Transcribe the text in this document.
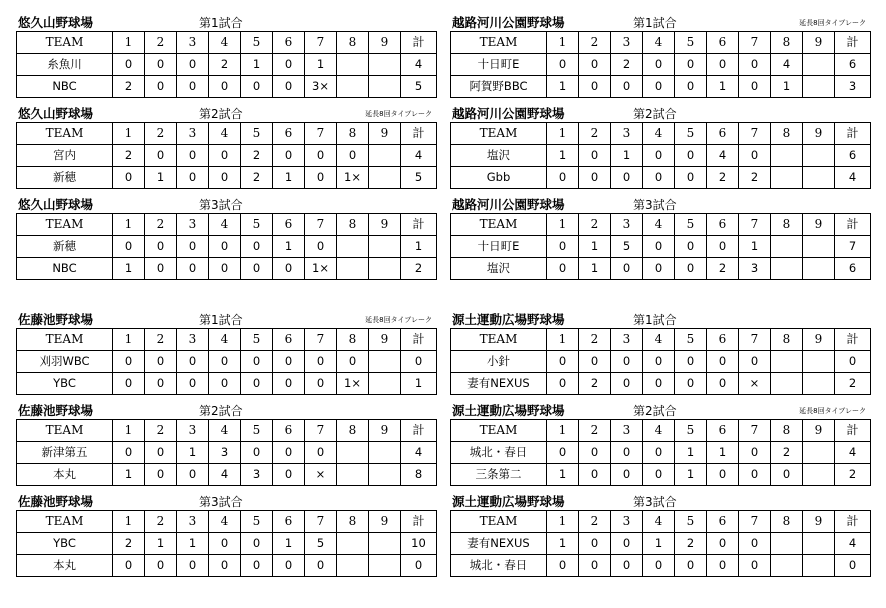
悠久山野球場	第1試合
TEAM	1	2	3	4	5	6	7	8	9	計
糸魚川	0	0	0	2	1	0	1			4
NBC	2	0	0	0	0	0	3×			5
悠久山野球場	第2試合	延長8回タイブレーク
TEAM	1	2	3	4	5	6	7	8	9	計
宮内	2	0	0	0	2	0	0	0		4
新穂	0	1	0	0	2	1	0	1×		5
悠久山野球場	第3試合
TEAM	1	2	3	4	5	6	7	8	9	計
新穂	0	0	0	0	0	1	0			1
NBC	1	0	0	0	0	0	1×			2
佐藤池野球場	第1試合	延長8回タイブレーク
TEAM	1	2	3	4	5	6	7	8	9	計
刈羽WBC	0	0	0	0	0	0	0	0		0
YBC	0	0	0	0	0	0	0	1×		1
佐藤池野球場	第2試合
TEAM	1	2	3	4	5	6	7	8	9	計
新津第五	0	0	1	3	0	0	0			4
本丸	1	0	0	4	3	0	×			8
佐藤池野球場	第3試合
TEAM	1	2	3	4	5	6	7	8	9	計
YBC	2	1	1	0	0	1	5			10
本丸	0	0	0	0	0	0	0			0
越路河川公園野球場	第1試合	延長8回タイブレーク
TEAM	1	2	3	4	5	6	7	8	9	計
十日町E	0	0	2	0	0	0	0	4		6
阿賀野BBC	1	0	0	0	0	1	0	1		3
越路河川公園野球場	第2試合
TEAM	1	2	3	4	5	6	7	8	9	計
塩沢	1	0	1	0	0	4	0			6
Gbb	0	0	0	0	0	2	2			4
越路河川公園野球場	第3試合
TEAM	1	2	3	4	5	6	7	8	9	計
十日町E	0	1	5	0	0	0	1			7
塩沢	0	1	0	0	0	2	3			6
源土運動広場野球場	第1試合
TEAM	1	2	3	4	5	6	7	8	9	計
小針	0	0	0	0	0	0	0			0
妻有NEXUS	0	2	0	0	0	0	×			2
源土運動広場野球場	第2試合	延長8回タイブレーク
TEAM	1	2	3	4	5	6	7	8	9	計
城北・春日	0	0	0	0	1	1	0	2		4
三条第二	1	0	0	0	1	0	0	0		2
源土運動広場野球場	第3試合
TEAM	1	2	3	4	5	6	7	8	9	計
妻有NEXUS	1	0	0	1	2	0	0			4
城北・春日	0	0	0	0	0	0	0			0
